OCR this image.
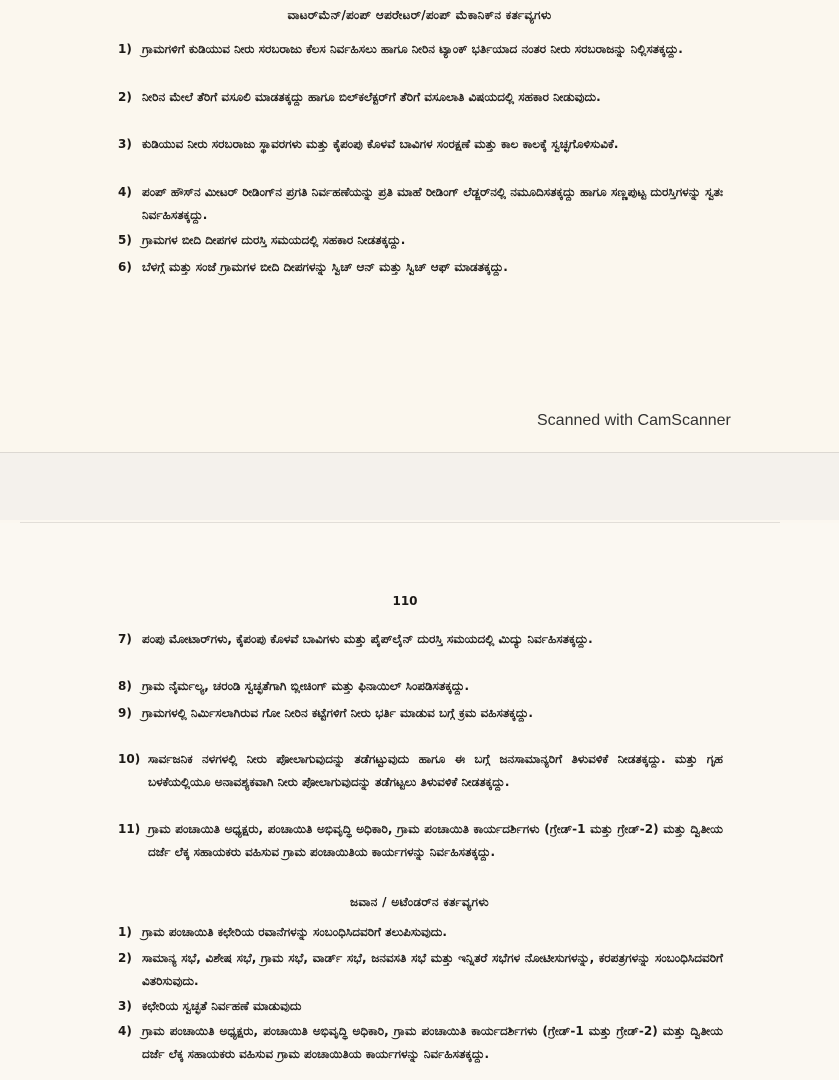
ವಾಟರ್‌ಮೆನ್/ಪಂಪ್ ಆಪರೇಟರ್/ಪಂಪ್ ಮೆಕಾನಿಕ್‌ನ ಕರ್ತವ್ಯಗಳು
1) ಗ್ರಾಮಗಳಿಗೆ ಕುಡಿಯುವ ನೀರು ಸರಬರಾಜು ಕೆಲಸ ನಿರ್ವಹಿಸಲು ಹಾಗೂ ನೀರಿನ ಟ್ಯಾಂಕ್ ಭರ್ತಿಯಾದ ನಂತರ ನೀರು ಸರಬರಾಜನ್ನು ನಿಲ್ಲಿಸತಕ್ಕದ್ದು.
2) ನೀರಿನ ಮೇಲೆ ತೆರಿಗೆ ವಸೂಲಿ ಮಾಡತಕ್ಕದ್ದು ಹಾಗೂ ಬಿಲ್‌ಕಲೆಕ್ಟರ್‌ಗೆ ತೆರಿಗೆ ವಸೂಲಾತಿ ವಿಷಯದಲ್ಲಿ ಸಹಕಾರ ನೀಡುವುದು.
3) ಕುಡಿಯುವ ನೀರು ಸರಬರಾಜು ಸ್ಥಾವರಗಳು ಮತ್ತು ಕೈಪಂಪು ಕೊಳವೆ ಬಾವಿಗಳ ಸಂರಕ್ಷಣೆ ಮತ್ತು ಕಾಲ ಕಾಲಕ್ಕೆ ಸ್ವಚ್ಛಗೊಳಿಸುವಿಕೆ.
4) ಪಂಪ್ ಹೌಸ್‌ನ ಮೀಟರ್ ರೀಡಿಂಗ್‌ನ ಪ್ರಗತಿ ನಿರ್ವಹಣೆಯನ್ನು ಪ್ರತಿ ಮಾಹೆ ರೀಡಿಂಗ್ ಲೆಡ್ಜರ್‌ನಲ್ಲಿ ನಮೂದಿಸತಕ್ಕದ್ದು ಹಾಗೂ ಸಣ್ಣಪುಟ್ಟ ದುರಸ್ತಿಗಳನ್ನು ಸ್ವತಃ ನಿರ್ವಹಿಸತಕ್ಕದ್ದು.
5) ಗ್ರಾಮಗಳ ಬೀದಿ ದೀಪಗಳ ದುರಸ್ತಿ ಸಮಯದಲ್ಲಿ ಸಹಕಾರ ನೀಡತಕ್ಕದ್ದು.
6) ಬೆಳಗ್ಗೆ ಮತ್ತು ಸಂಜೆ ಗ್ರಾಮಗಳ ಬೀದಿ ದೀಪಗಳನ್ನು ಸ್ವಿಚ್ ಆನ್ ಮತ್ತು ಸ್ವಿಚ್ ಆಫ್ ಮಾಡತಕ್ಕದ್ದು.
Scanned with CamScanner
110
7) ಪಂಪು ಮೋಟಾರ್‌ಗಳು, ಕೈಪಂಪು ಕೊಳವೆ ಬಾವಿಗಳು ಮತ್ತು ಪೈಪ್‌ಲೈನ್ ದುರಸ್ತಿ ಸಮಯದಲ್ಲಿ ಮಿದ್ಯು ನಿರ್ವಹಿಸತಕ್ಕದ್ದು.
8) ಗ್ರಾಮ ನೈರ್ಮಲ್ಯ, ಚರಂಡಿ ಸ್ವಚ್ಛತೆಗಾಗಿ ಬ್ಲೀಚಿಂಗ್ ಮತ್ತು ಫಿನಾಯಿಲ್ ಸಿಂಪಡಿಸತಕ್ಕದ್ದು.
9) ಗ್ರಾಮಗಳಲ್ಲಿ ನಿರ್ಮಿಸಲಾಗಿರುವ ಗೋ ನೀರಿನ ಕಟ್ಟೆಗಳಿಗೆ ನೀರು ಭರ್ತಿ ಮಾಡುವ ಬಗ್ಗೆ ಕ್ರಮ ವಹಿಸತಕ್ಕದ್ದು.
10) ಸಾರ್ವಜನಿಕ ನಳಗಳಲ್ಲಿ ನೀರು ಪೋಲಾಗುವುದನ್ನು ತಡೆಗಟ್ಟುವುದು ಹಾಗೂ ಈ ಬಗ್ಗೆ ಜನಸಾಮಾನ್ಯರಿಗೆ ತಿಳುವಳಿಕೆ ನೀಡತಕ್ಕದ್ದು. ಮತ್ತು ಗೃಹ ಬಳಕೆಯಲ್ಲಿಯೂ ಅನಾವಶ್ಯಕವಾಗಿ ನೀರು ಪೋಲಾಗುವುದನ್ನು ತಡೆಗಟ್ಟಲು ತಿಳುವಳಿಕೆ ನೀಡತಕ್ಕದ್ದು.
11) ಗ್ರಾಮ ಪಂಚಾಯಿತಿ ಅಧ್ಯಕ್ಷರು, ಪಂಚಾಯಿತಿ ಅಭಿವೃದ್ಧಿ ಅಧಿಕಾರಿ, ಗ್ರಾಮ ಪಂಚಾಯಿತಿ ಕಾರ್ಯದರ್ಶಿಗಳು (ಗ್ರೇಡ್-1 ಮತ್ತು ಗ್ರೇಡ್-2) ಮತ್ತು ದ್ವಿತೀಯ ದರ್ಜೆ ಲೆಕ್ಕ ಸಹಾಯಕರು ವಹಿಸುವ ಗ್ರಾಮ ಪಂಚಾಯಿತಿಯ ಕಾರ್ಯಗಳನ್ನು ನಿರ್ವಹಿಸತಕ್ಕದ್ದು.
ಜವಾನ / ಅಟೆಂಡರ್‌ನ ಕರ್ತವ್ಯಗಳು
1) ಗ್ರಾಮ ಪಂಚಾಯಿತಿ ಕಛೇರಿಯ ರವಾನೆಗಳನ್ನು ಸಂಬಂಧಿಸಿದವರಿಗೆ ತಲುಪಿಸುವುದು.
2) ಸಾಮಾನ್ಯ ಸಭೆ, ವಿಶೇಷ ಸಭೆ, ಗ್ರಾಮ ಸಭೆ, ವಾರ್ಡ್ ಸಭೆ, ಜನವಸತಿ ಸಭೆ ಮತ್ತು ಇನ್ನಿತರೆ ಸಭೆಗಳ ನೋಟೀಸುಗಳನ್ನು, ಕರಪತ್ರಗಳನ್ನು ಸಂಬಂಧಿಸಿದವರಿಗೆ ವಿತರಿಸುವುದು.
3) ಕಛೇರಿಯ ಸ್ವಚ್ಛತೆ ನಿರ್ವಹಣೆ ಮಾಡುವುದು
4) ಗ್ರಾಮ ಪಂಚಾಯಿತಿ ಅಧ್ಯಕ್ಷರು, ಪಂಚಾಯಿತಿ ಅಭಿವೃದ್ಧಿ ಅಧಿಕಾರಿ, ಗ್ರಾಮ ಪಂಚಾಯಿತಿ ಕಾರ್ಯದರ್ಶಿಗಳು (ಗ್ರೇಡ್-1 ಮತ್ತು ಗ್ರೇಡ್-2) ಮತ್ತು ದ್ವಿತೀಯ ದರ್ಜೆ ಲೆಕ್ಕ ಸಹಾಯಕರು ವಹಿಸುವ ಗ್ರಾಮ ಪಂಚಾಯಿತಿಯ ಕಾರ್ಯಗಳನ್ನು ನಿರ್ವಹಿಸತಕ್ಕದ್ದು.
